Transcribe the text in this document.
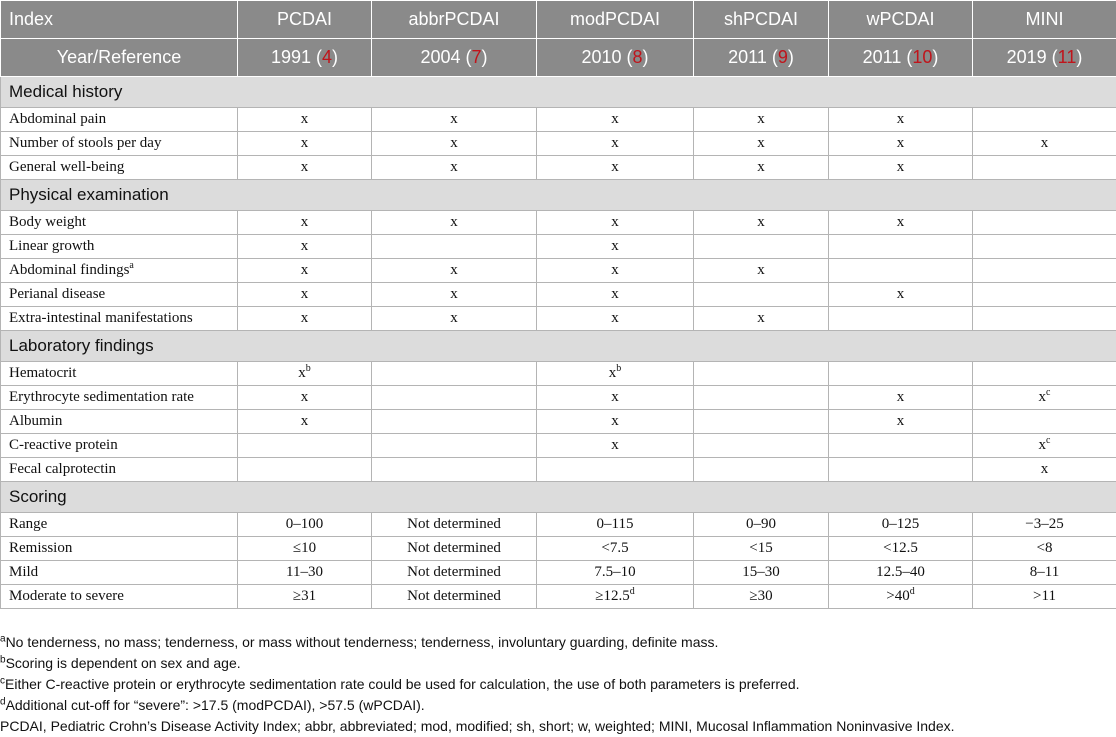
Index	PCDAI	abbrPCDAI	modPCDAI	shPCDAI	wPCDAI	MINI
Year/Reference	1991 (4)	2004 (7)	2010 (8)	2011 (9)	2011 (10)	2019 (11)
Medical history						
Abdominal pain	x	x	x	x	x	
Number of stools per day	x	x	x	x	x	x
General well-being	x	x	x	x	x	
Physical examination						
Body weight	x	x	x	x	x	
Linear growth	x		x			
Abdominal findings$^a$	x	x	x	x		
Perianal disease	x	x	x		x	
Extra-intestinal manifestations	x	x	x	x		
Laboratory findings						
Hematocrit	$x^b$		$x^b$			
Erythrocyte sedimentation rate	x		x		x	$x^c$
Albumin	x		x		x	
C-reactive protein			x			$x^c$
Fecal calprotectin						x
Scoring						
Range	0–100	Not determined	0–115	0–90	0–125	−3–25
Remission	≤10	Not determined	<7.5	<15	<12.5	<8
Mild	11–30	Not determined	7.5–10	15–30	12.5–40	8–11
Moderate to severe	≥31	Not determined	≥12.5$^d$	≥30	$>40^d$	>11
$^a$No tenderness, no mass; tenderness, or mass without tenderness; tenderness, involuntary guarding, definite mass.
$^b$Scoring is dependent on sex and age.
$^c$Either C-reactive protein or erythrocyte sedimentation rate could be used for calculation, the use of both parameters is preferred.
$^d$Additional cut-off for “severe”: >17.5 (modPCDAI), >57.5 (wPCDAI).
PCDAI, Pediatric Crohn’s Disease Activity Index; abbr, abbreviated; mod, modified; sh, short; w, weighted; MINI, Mucosal Inflammation Noninvasive Index.
